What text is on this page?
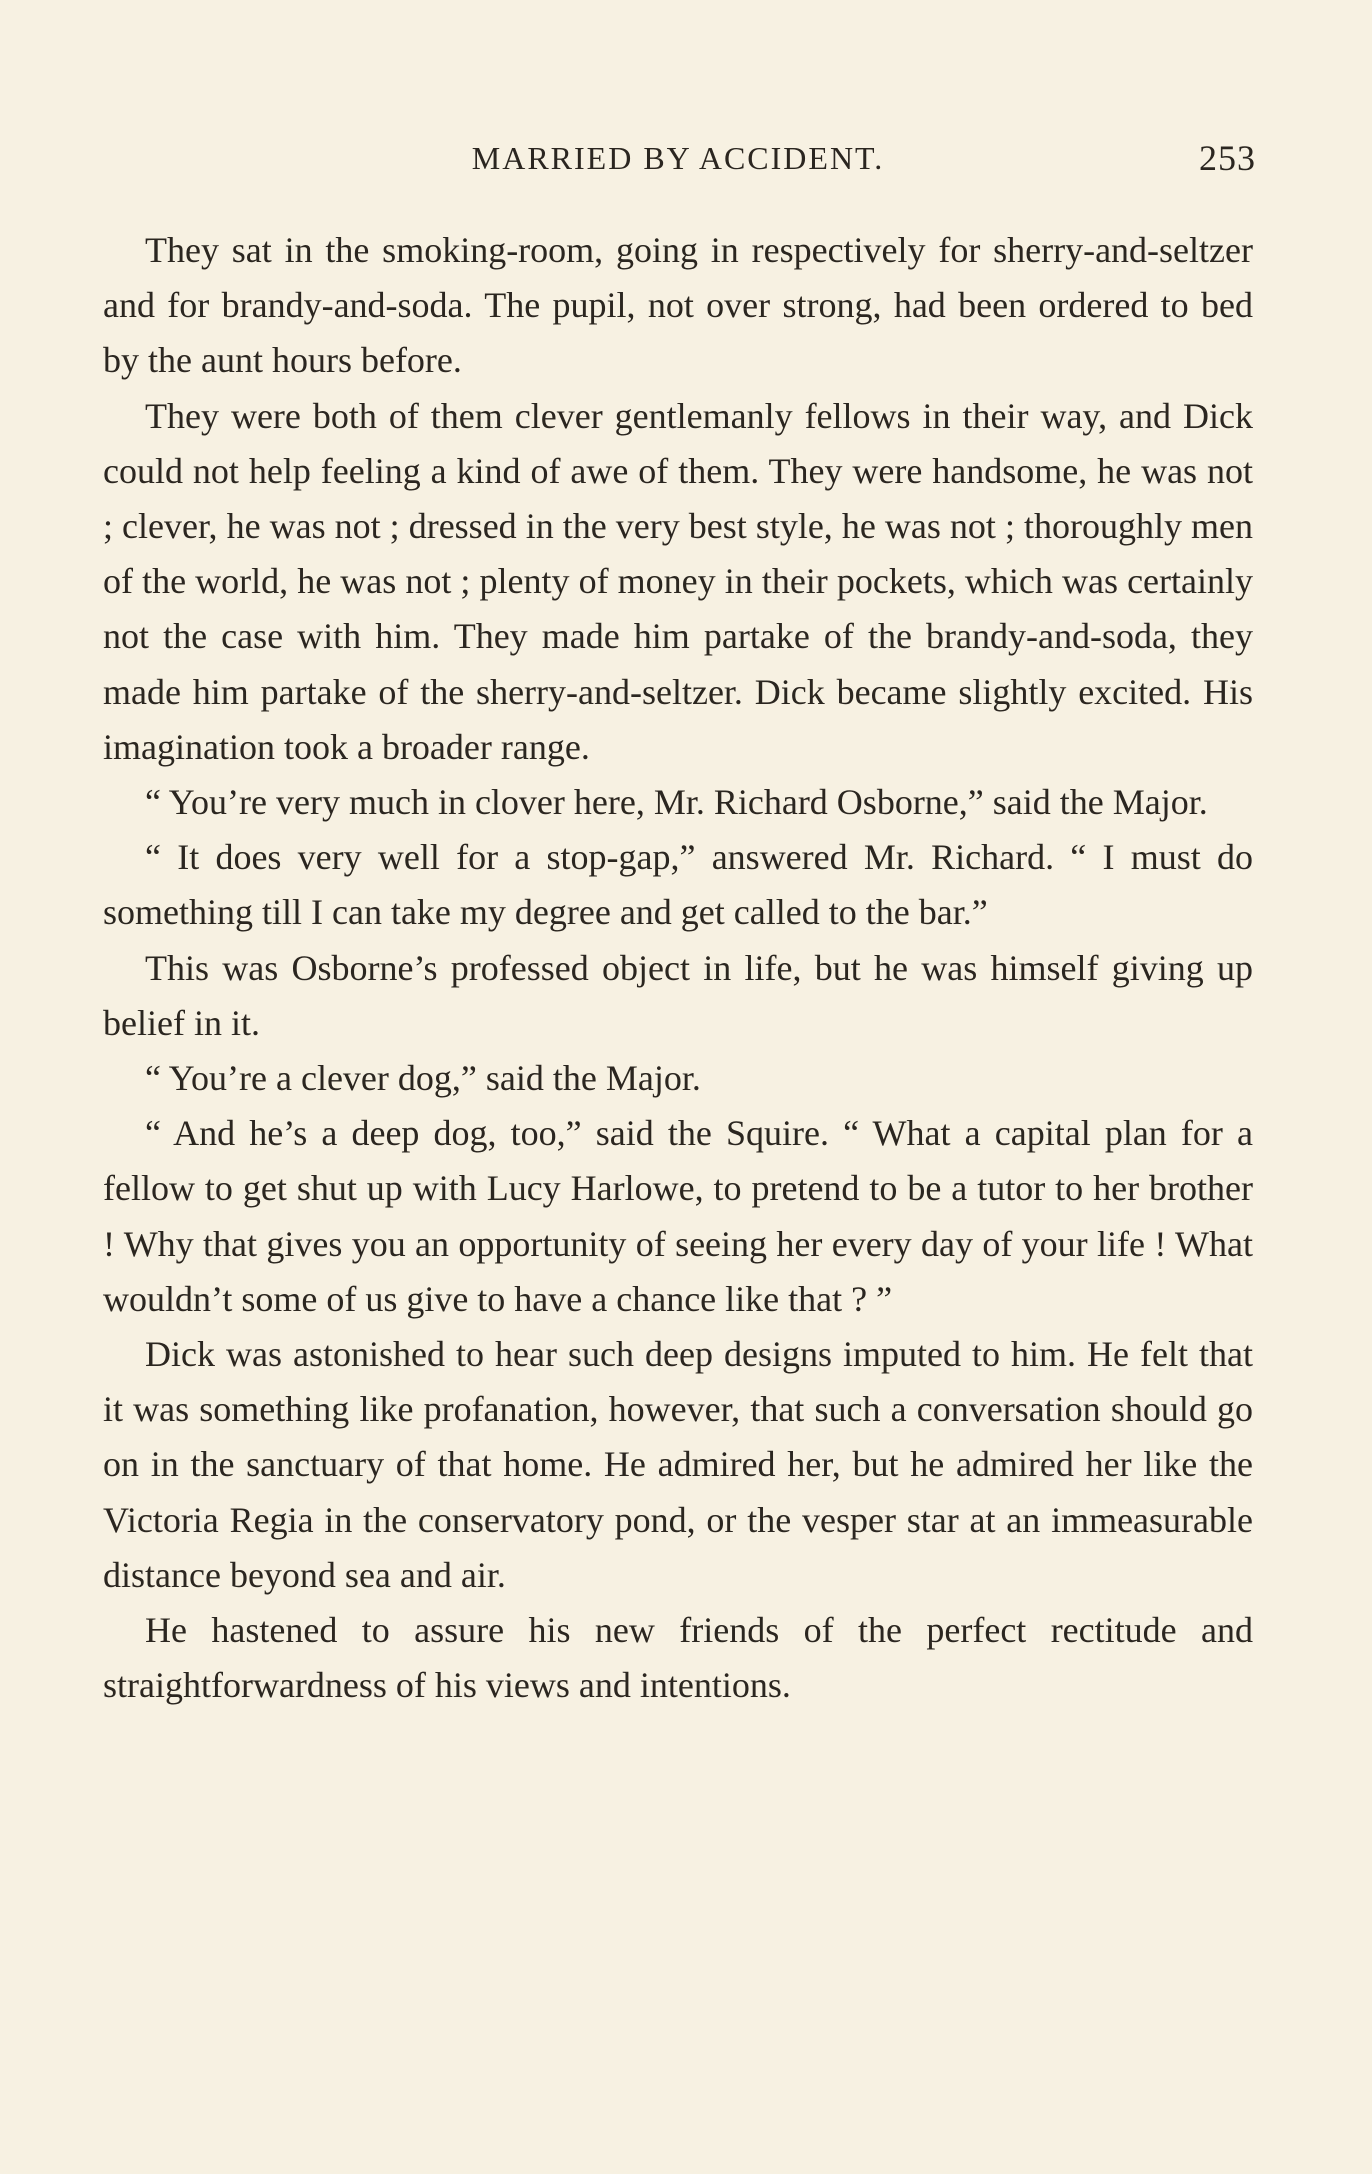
MARRIED BY ACCIDENT.	253

They sat in the smoking-room, going in respectively for sherry-and-seltzer and for brandy-and-soda. The pupil, not over strong, had been ordered to bed by the aunt hours before.

They were both of them clever gentlemanly fellows in their way, and Dick could not help feeling a kind of awe of them. They were handsome, he was not ; clever, he was not ; dressed in the very best style, he was not ; thoroughly men of the world, he was not ; plenty of money in their pockets, which was certainly not the case with him. They made him partake of the brandy-and-soda, they made him partake of the sherry-and-seltzer. Dick became slightly excited. His imagination took a broader range.

“ You’re very much in clover here, Mr. Richard Osborne,” said the Major.

“ It does very well for a stop-gap,” answered Mr. Richard. “ I must do something till I can take my degree and get called to the bar.”

This was Osborne’s professed object in life, but he was himself giving up belief in it.

“ You’re a clever dog,” said the Major.

“ And he’s a deep dog, too,” said the Squire. “ What a capital plan for a fellow to get shut up with Lucy Harlowe, to pretend to be a tutor to her brother ! Why that gives you an opportunity of seeing her every day of your life ! What wouldn’t some of us give to have a chance like that ? ”

Dick was astonished to hear such deep designs imputed to him. He felt that it was something like profanation, however, that such a conversation should go on in the sanctuary of that home. He admired her, but he admired her like the Victoria Regia in the conservatory pond, or the vesper star at an immeasurable distance beyond sea and air.

He hastened to assure his new friends of the perfect rectitude and straightforwardness of his views and intentions.
